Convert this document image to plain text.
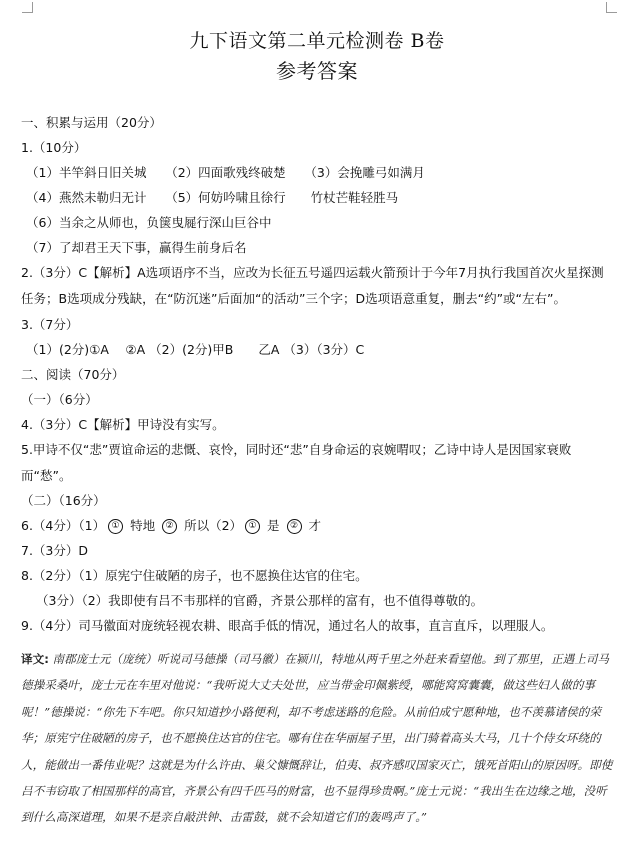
九下语文第二单元检测卷 B卷
参考答案
一、积累与运用（20分）
1.（10分）
（1）半竿斜日旧关城　　（2）四面歌残终破楚　　（3）会挽雕弓如满月
（4）燕然未勒归无计　　（5）何妨吟啸且徐行　　竹杖芒鞋轻胜马
（6）当余之从师也，负箧曳屣行深山巨谷中
（7）了却君王天下事，赢得生前身后名
2.（3分）C【解析】A选项语序不当，应改为长征五号遥四运载火箭预计于今年7月执行我国首次火星探测任务；B选项成分残缺，在“防沉迷”后面加“的活动”三个字；D选项语意重复，删去“约”或“左右”。
3.（7分）
（1）(2分)①A　 ②A （2）(2分)甲B　　乙A （3）（3分）C
二、阅读（70分）
（一）（6分）
4.（3分）C【解析】甲诗没有实写。
5.甲诗不仅“悲”贾谊命运的悲慨、哀怜，同时还“悲”自身命运的哀婉喟叹；乙诗中诗人是因国家衰败而“愁”。
（二）（16分）
6.（4分）（1） ① 特地 ② 所以（2） ① 是 ② 才
7.（3分）D
8.（2分）（1）原宪宁住破陋的房子，也不愿换住达官的住宅。
（3分）（2）我即使有吕不韦那样的官爵，齐景公那样的富有，也不值得尊敬的。
9.（4分）司马徽面对庞统轻视农耕、眼高手低的情况，通过名人的故事，直言直斥，以理服人。
译文: 南郡庞士元（庞统）听说司马德操（司马徽）在颍川，特地从两千里之外赶来看望他。到了那里，正遇上司马德操采桑叶，庞士元在车里对他说：“我听说大丈夫处世，应当带金印佩紫绶，哪能窝窝囊囊，做这些妇人做的事呢！”德操说：“你先下车吧。你只知道抄小路便利，却不考虑迷路的危险。从前伯成宁愿种地，也不羡慕诸侯的荣华；原宪宁住破陋的房子，也不愿换住达官的住宅。哪有住在华丽屋子里，出门骑着高头大马，几十个侍女环绕的人，能做出一番伟业呢？这就是为什么许由、巢父慷慨辞让，伯夷、叔齐感叹国家灭亡，饿死首阳山的原因呀。即使吕不韦窃取了相国那样的高官，齐景公有四千匹马的财富，也不显得珍贵啊。”庞士元说：“我出生在边缘之地，没听到什么高深道理，如果不是亲自敲洪钟、击雷鼓，就不会知道它们的轰鸣声了。”
